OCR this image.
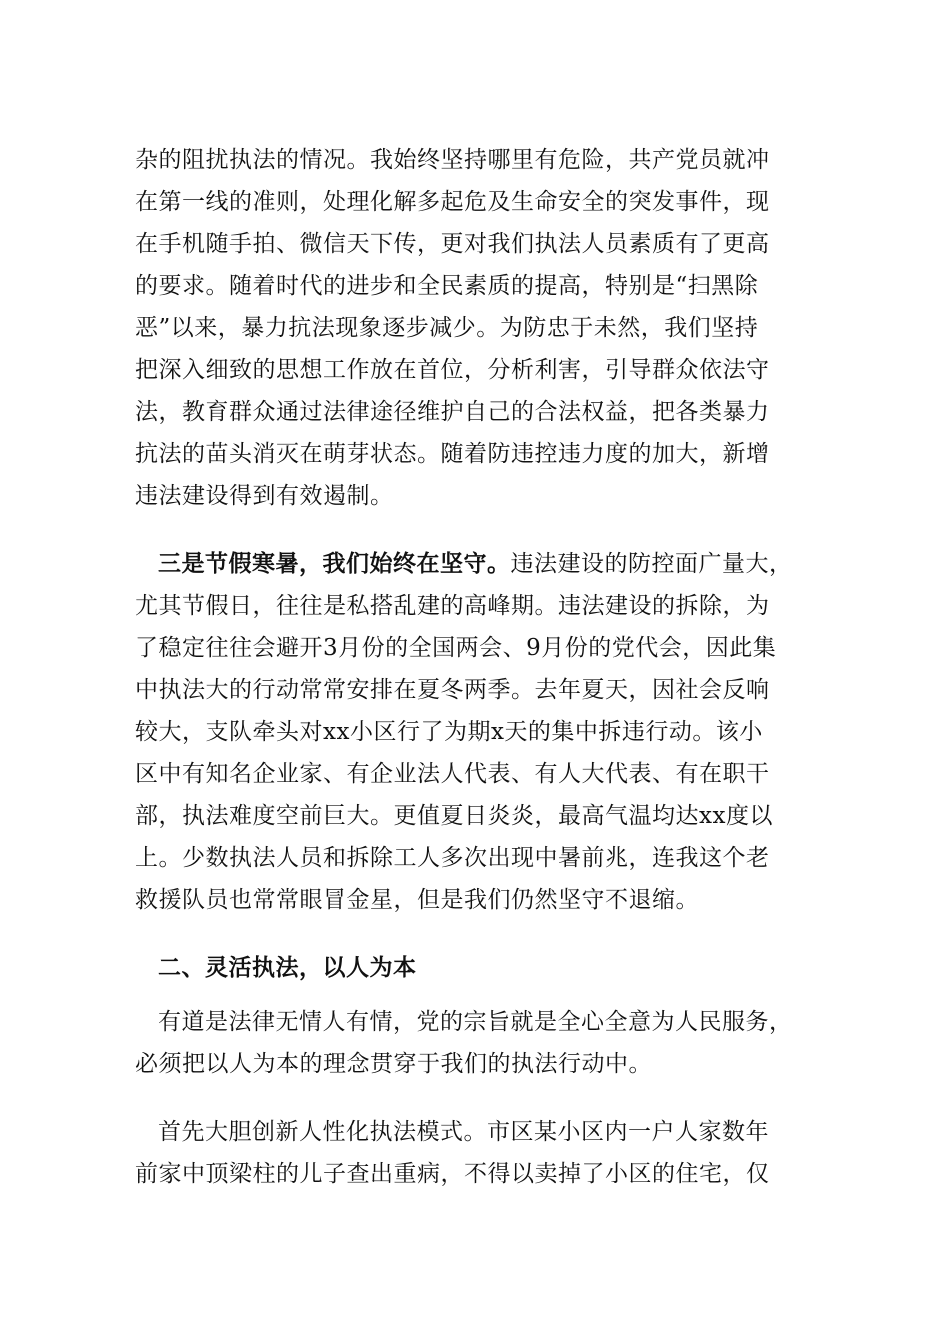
杂的阻扰执法的情况。我始终坚持哪里有危险，共产党员就冲
在第一线的准则，处理化解多起危及生命安全的突发事件，现
在手机随手拍、微信天下传，更对我们执法人员素质有了更高
的要求。随着时代的进步和全民素质的提高，特别是“扫黑除
恶”以来，暴力抗法现象逐步减少。为防忠于未然，我们坚持
把深入细致的思想工作放在首位，分析利害，引导群众依法守
法，教育群众通过法律途径维护自己的合法权益，把各类暴力
抗法的苗头消灭在萌芽状态。随着防违控违力度的加大，新增
违法建设得到有效遏制。
三是节假寒暑，我们始终在坚守。违法建设的防控面广量大，
尤其节假日，往往是私搭乱建的高峰期。违法建设的拆除，为
了稳定往往会避开3月份的全国两会、9月份的党代会，因此集
中执法大的行动常常安排在夏冬两季。去年夏天，因社会反响
较大，支队牵头对xx小区行了为期x天的集中拆违行动。该小
区中有知名企业家、有企业法人代表、有人大代表、有在职干
部，执法难度空前巨大。更值夏日炎炎，最高气温均达xx度以
上。少数执法人员和拆除工人多次出现中暑前兆，连我这个老
救援队员也常常眼冒金星，但是我们仍然坚守不退缩。
二、灵活执法，以人为本
有道是法律无情人有情，党的宗旨就是全心全意为人民服务，
必须把以人为本的理念贯穿于我们的执法行动中。
首先大胆创新人性化执法模式。市区某小区内一户人家数年
前家中顶梁柱的儿子查出重病，不得以卖掉了小区的住宅，仅
